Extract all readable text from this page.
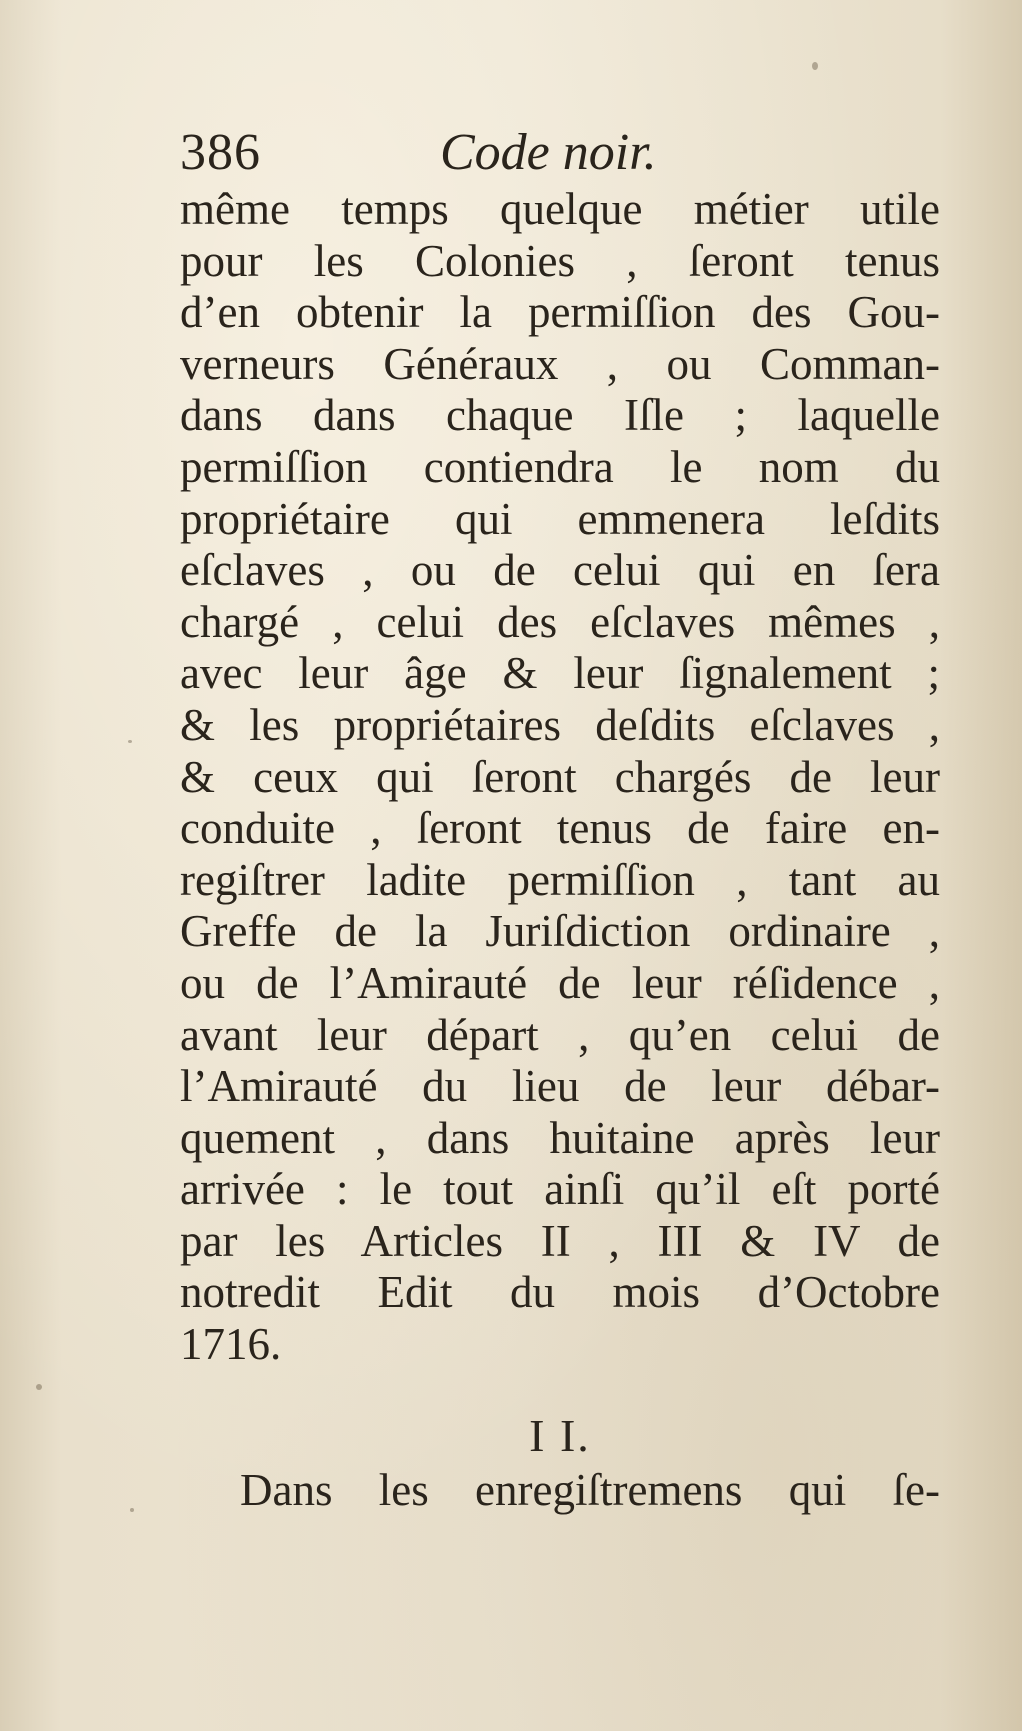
386	Code noir.
même temps quelque métier utile
pour les Colonies , ſeront tenus
d’en obtenir la permiſſion des Gou-
verneurs Généraux , ou Comman-
dans dans chaque Iſle ; laquelle
permiſſion contiendra le nom du
propriétaire qui emmenera leſdits
eſclaves , ou de celui qui en ſera
chargé , celui des eſclaves mêmes ,
avec leur âge & leur ſignalement ;
& les propriétaires deſdits eſclaves ,
& ceux qui ſeront chargés de leur
conduite , ſeront tenus de faire en-
regiſtrer ladite permiſſion , tant au
Greffe de la Juriſdiction ordinaire ,
ou de l’Amirauté de leur réſidence ,
avant leur départ , qu’en celui de
l’Amirauté du lieu de leur débar-
quement , dans huitaine après leur
arrivée : le tout ainſi qu’il eſt porté
par les Articles II , III & IV de
notredit Edit du mois d’Octobre
1716.
I I.
Dans les enregiſtremens qui ſe-
